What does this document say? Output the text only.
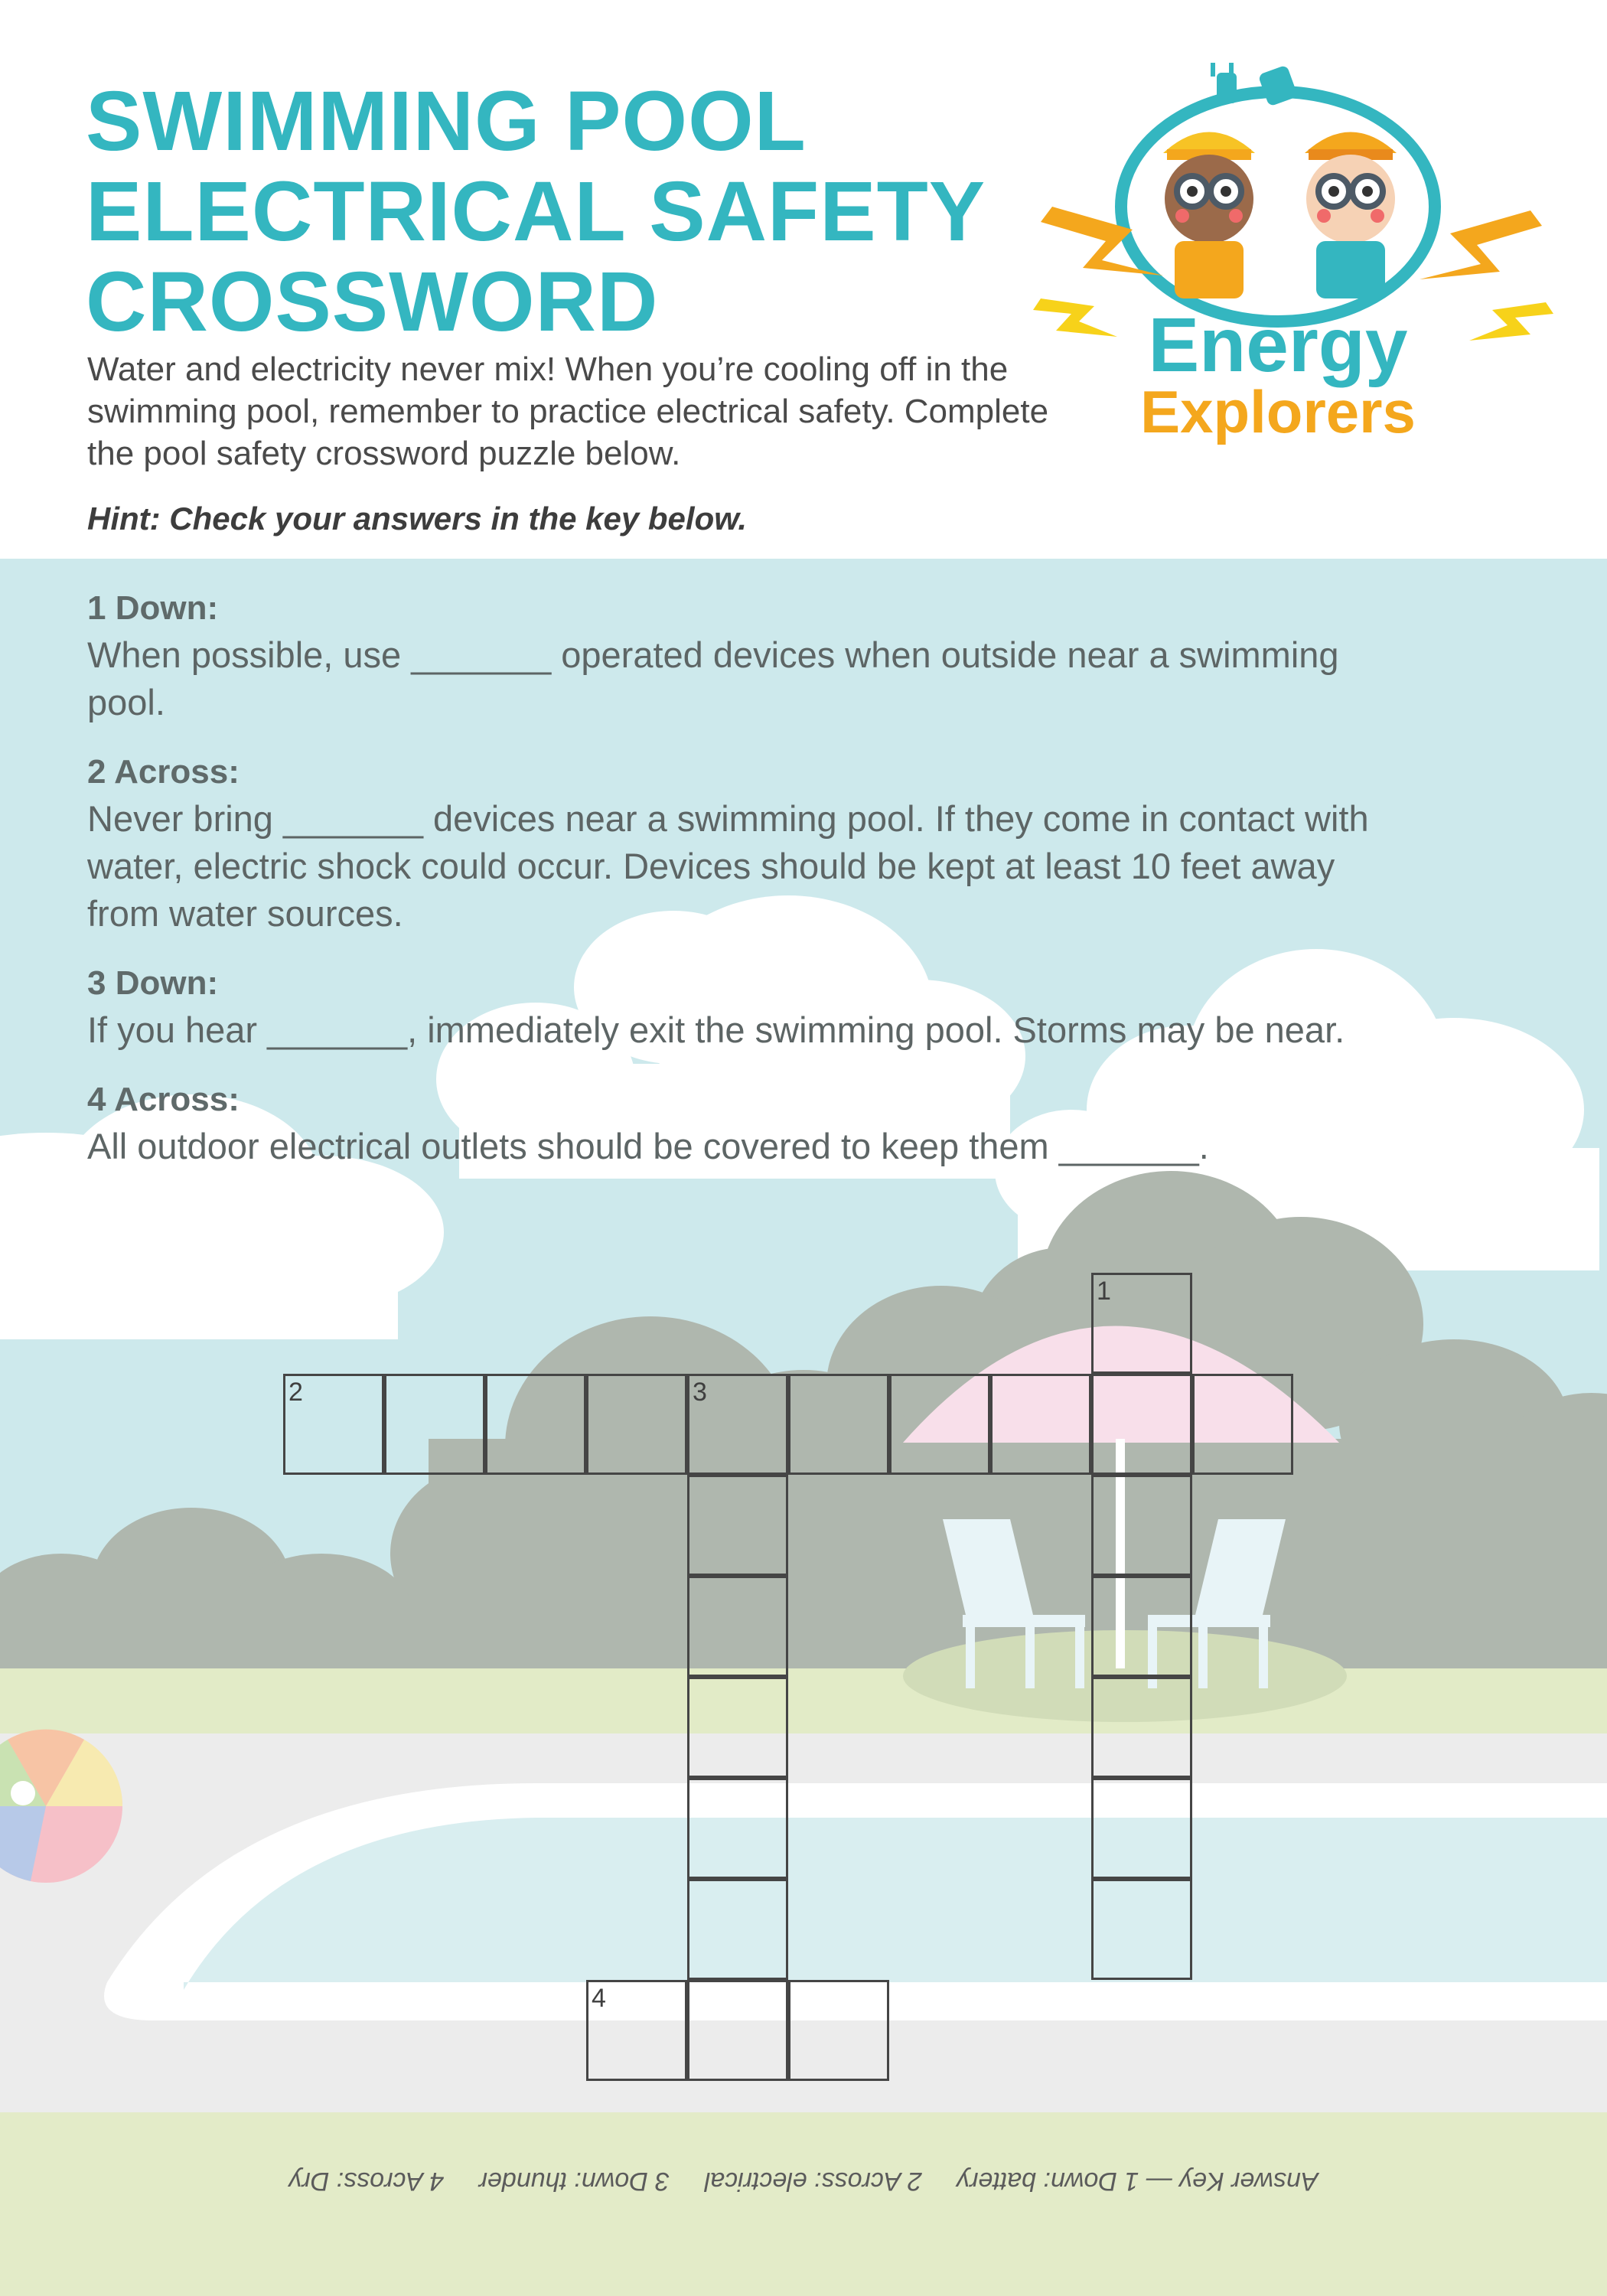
SWIMMING POOL
ELECTRICAL SAFETY
CROSSWORD

Water and electricity never mix! When you’re cooling off in the swimming pool, remember to practice electrical safety. Complete the pool safety crossword puzzle below.

Hint: Check your answers in the key below.

Energy
Explorers
1 Down:
When possible, use _______ operated devices when outside near a swimming pool.
2 Across:
Never bring _______ devices near a swimming pool. If they come in contact with water, electric shock could occur. Devices should be kept at least 10 feet away from water sources.
3 Down:
If you hear _______, immediately exit the swimming pool. Storms may be near.
4 Across:
All outdoor electrical outlets should be covered to keep them _______.
2	3
1
4
Answer Key — 1 Down: battery 2 Across: electrical 3 Down: thunder 4 Across: Dry
